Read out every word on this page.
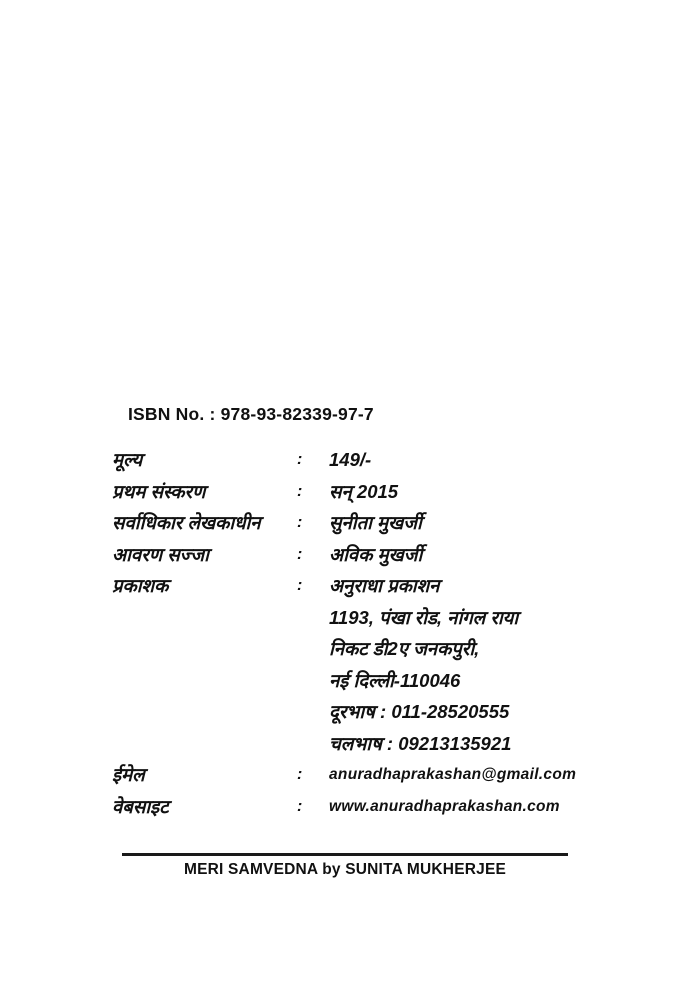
ISBN No. : 978-93-82339-97-7
मूल्य	:	149/-
प्रथम संस्करण	:	सन् 2015
सर्वाधिकार लेखकाधीन	:	सुनीता मुखर्जी
आवरण सज्जा	:	अविक मुखर्जी
प्रकाशक	:	अनुराधा प्रकाशन
1193, पंखा रोड, नांगल राया
निकट डी2ए जनकपुरी,
नई दिल्ली-110046
दूरभाष : 011-28520555
चलभाष : 09213135921
ईमेल	:	anuradhaprakashan@gmail.com
वेबसाइट	:	www.anuradhaprakashan.com
MERI SAMVEDNA by SUNITA MUKHERJEE
